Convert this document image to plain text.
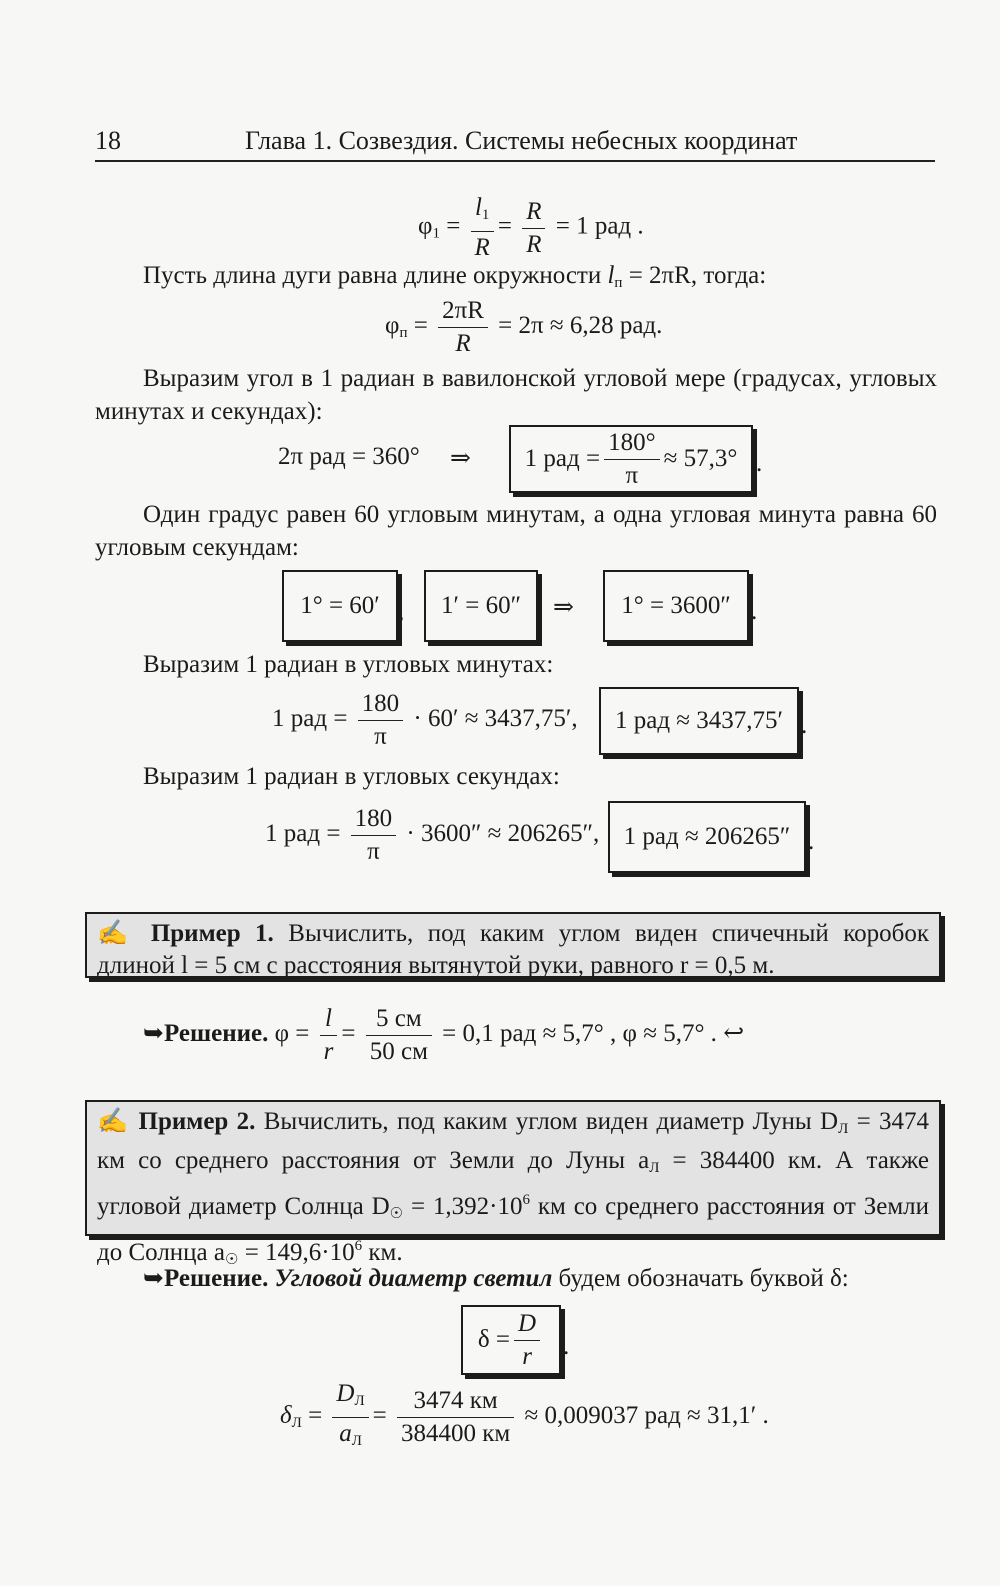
18	Глава 1. Созвездия. Системы небесных координат
$\varphi_1 = \frac{l_1}{R} = \frac{R}{R} = 1$ рад .
Пусть длина дуги равна длине окружности $l_п = 2\pi R$, тогда:
$\varphi_п = \frac{2\pi R}{R} = 2\pi \approx 6,28$ рад.
Выразим угол в 1 радиан в вавилонской угловой мере (градусах, угловых минутах и секундах):
2π рад = 360° ⇒ 1 рад = $\frac{180^\circ}{\pi} \approx 57,3^\circ$ .
Один градус равен 60 угловым минутам, а одна угловая минута равна 60 угловым секундам:
1° = 60′ ,	1′ = 60″	⇒	1° = 3600″ .
Выразим 1 радиан в угловых минутах:
1 рад = $\frac{180}{\pi} \cdot 60' \approx 3437,75'$,	1 рад ≈ 3437,75′ .
Выразим 1 радиан в угловых секундах:
1 рад = $\frac{180}{\pi} \cdot 3600'' \approx 206265''$, 1 рад ≈ 206265″ .
✍ Пример 1. Вычислить, под каким углом виден спичечный коробок длиной l = 5 см с расстояния вытянутой руки, равного r = 0,5 м.
➥Решение. $\varphi = \frac{l}{r} = \frac{5 см}{50 см} = 0,1$ рад ≈ 5,7° , φ ≈ 5,7° . ↩
✍ Пример 2. Вычислить, под каким углом виден диаметр Луны $D_Л = 3474$ км со среднего расстояния от Земли до Луны $a_Л = 384400$ км. А также угловой диаметр Солнца $D_☉ = 1,392\cdot 10^6$ км со среднего расстояния от Земли до Солнца $a_☉ = 149,6\cdot 10^6$ км.
➥Решение. Угловой диаметр светил будем обозначать буквой δ:
$\delta = \frac{D}{r}$ .
$\delta_Л = \frac{D_Л}{a_Л} = \frac{3474 км}{384400 км} \approx 0,009037$ рад ≈ 31,1′ .
